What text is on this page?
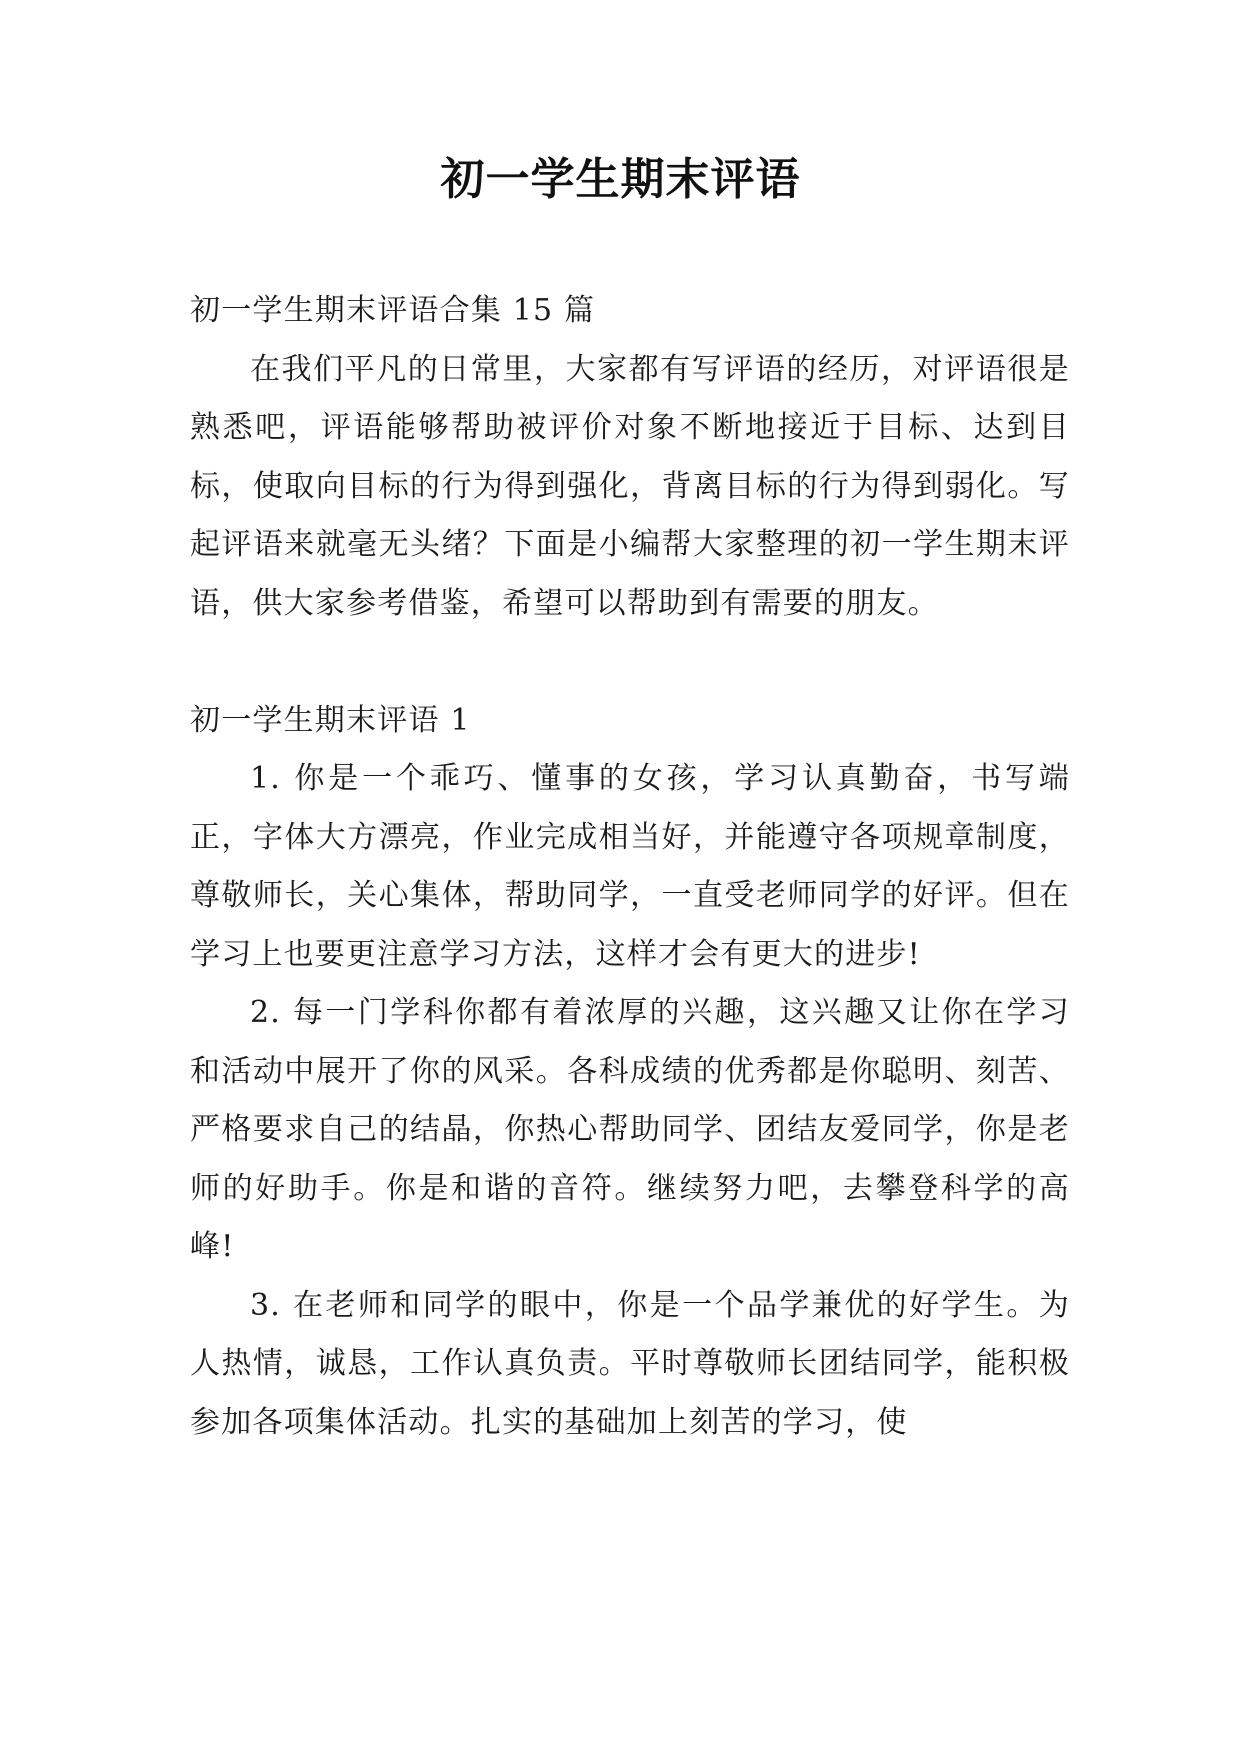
初一学生期末评语

初一学生期末评语合集 15 篇

在我们平凡的日常里，大家都有写评语的经历，对评语很是熟悉吧，评语能够帮助被评价对象不断地接近于目标、达到目标，使取向目标的行为得到强化，背离目标的行为得到弱化。写起评语来就毫无头绪？下面是小编帮大家整理的初一学生期末评语，供大家参考借鉴，希望可以帮助到有需要的朋友。

初一学生期末评语 1

1. 你是一个乖巧、懂事的女孩，学习认真勤奋，书写端正，字体大方漂亮，作业完成相当好，并能遵守各项规章制度，尊敬师长，关心集体，帮助同学，一直受老师同学的好评。但在学习上也要更注意学习方法，这样才会有更大的进步!

2. 每一门学科你都有着浓厚的兴趣，这兴趣又让你在学习和活动中展开了你的风采。各科成绩的优秀都是你聪明、刻苦、严格要求自己的结晶，你热心帮助同学、团结友爱同学，你是老师的好助手。你是和谐的音符。继续努力吧，去攀登科学的高峰!

3. 在老师和同学的眼中，你是一个品学兼优的好学生。为人热情，诚恳，工作认真负责。平时尊敬师长团结同学，能积极参加各项集体活动。扎实的基础加上刻苦的学习，使
